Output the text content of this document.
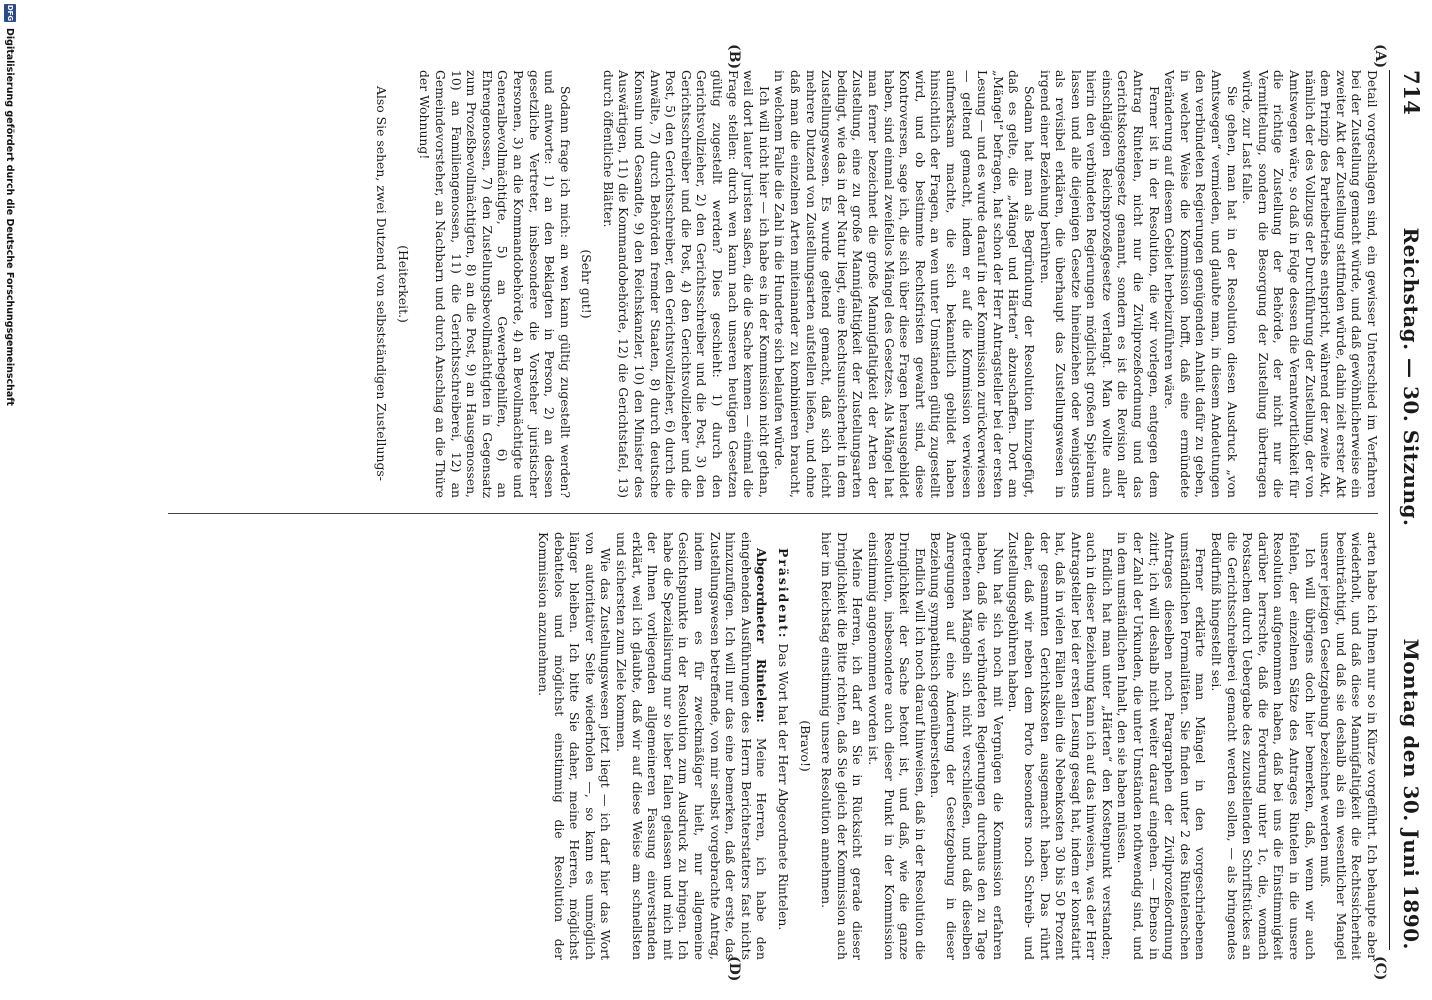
714
Reichstag. — 30. Sitzung.
Montag den 30. Juni 1890.
(A)
(B)
(C)
(D)

Detail vorgeschlagen sind, ein gewisser Unterschied im Verfahren bei der Zustellung gemacht würde, und daß gewöhnlicherweise ein zweiter Akt der Zustellung stattfinden würde, dahin zielt erster Akt dem Prinzip des Parteibetriebs entspricht, während der zweite Akt, nämlich der des Vollzugs der Durchführung der Zustellung, der von Amtswegen wäre, so daß in Folge dessen die Verantwortlichkeit für die richtige Zustellung der Behörde, der nicht nur die Vermittelung, sondern die Besorgung der Zustellung übertragen würde, zur Last falle.

Sie gehen, man hat in der Resolution diesen Ausdruck „von Amtswegen“ vermieden, und glaubte man, in diesem Andeutungen den verbündeten Regierungen genügenden Anhalt dafür zu geben, in welcher Weise die Kommission hofft, daß eine ermündete Veränderung auf diesem Gebiet herbeizuführen wäre.

Ferner ist in der Resolution, die wir vorlegen, entgegen dem Antrag Rintelen, nicht nur die Zivilprozeßordnung und das Gerichtskostengesetz genannt, sondern es ist die Revision aller einschlägigen Reichsprozeßgesetze verlangt. Man wollte auch hierin den verbündeten Regierungen möglichst großen Spielraum lassen und alle diejenigen Gesetze hineinziehen oder wenigstens als revisibel erklären, die überhaupt das Zustellungswesen in irgend einer Beziehung berühren.

Sodann hat man als Begründung der Resolution hinzugefügt, daß es gelte, die „Mängel und Härten“ abzuschaffen. Dort am „Mängel“ befragen, hat schon der Herr Antragsteller bei der ersten Lesung — und es wurde darauf in der Kommission zurückverwiesen — geltend gemacht, indem er auf die Kommission verwiesen aufmerksam machte, die sich bekanntlich gebildet haben hinsichtlich der Fragen, an wen unter Umständen gültig zugestellt wird, und ob bestimmte Rechtsfristen gewahrt sind, diese Kontroversen, sage ich, die sich über diese Fragen herausgebildet haben, sind einmal zweifellos Mängel des Gesetzes. Als Mängel hat man ferner bezeichnet die große Mannigfaltigkeit der Arten der Zustellung, eine zu große Mannigfaltigkeit der Zustellungsarten bedingt, wie das in der Natur liegt, eine Rechtsunsicherheit in dem Zustellungswesen. Es wurde geltend gemacht, daß sich leicht mehrere Dutzend von Zustellungsarten aufstellen ließen, und ohne daß man die einzelnen Arten miteinander zu kombinieren braucht, in welchem Falle die Zahl in die Hunderte sich belaufen würde.

Ich will nicht hier — ich habe es in der Kommission nicht gethan, weil dort lauter Juristen saßen, die die Sache kennen — einmal die Frage stellen: durch wen kann nach unseren heutigen Gesetzen gültig zugestellt werden? Dies geschieht: 1) durch den Gerichtsvollzieher, 2) den Gerichtsschreiber und die Post, 3) den Gerichtsschreiber und die Post, 4) den Gerichtsvollzieher und die Post, 5) den Gerichtsschreiber, den Gerichtsvollzieher, 6) durch die Anwälte, 7) durch Behörden fremder Staaten, 8) durch deutsche Konsuln und Gesandte, 9) den Reichskanzler, 10) den Minister des Auswärtigen, 11) die Kommandobehörde, 12) die Gerichtstafel, 13) durch öffentliche Blätter.

(Sehr gut!)

Sodann frage ich mich: an wen kann gültig zugestellt werden? und antworte: 1) an den Beklagten in Person, 2) an dessen gesetzliche Vertreter, insbesondere die Vorsteher juristischer Personen, 3) an die Kommandobehörde, 4) an Bevollmächtigte und Generalbevollmächtigte, 5) an Gewerbegehilfen, 6) an Ehrengenossen, 7) den Zustellungsbevollmächtigten in Gegensatz zum Prozeßbevollmächtigten, 8) an die Post, 9) an Hausgenossen, 10) an Familiengenossen, 11) die Gerichtsschreiberei, 12) an Gemeindevorsteher, an Nachbarn und durch Anschlag an die Thüre der Wohnung!

(Heiterkeit.)

Also Sie sehen, zwei Dutzend von selbstständigen Zustellungs-

arten habe ich Ihnen nur so in Kürze vorgeführt. Ich behaupte aber wiederholt, und daß diese Mannigfaltigkeit die Rechtssicherheit beeinträchtigt, und daß sie deshalb als ein wesentlicher Mangel unserer jetzigen Gesetzgebung bezeichnet werden muß.

Ich will übrigens doch hier bemerken, daß, wenn wir auch fehlen, der einzelnen Sätze des Antrages Rintelen in die unsere Resolution aufgenommen haben, daß bei uns die Einstimmigkeit darüber herrschte, daß die Forderung unter 1c, die, womach Postsachen durch Uebergabe des zuzustellenden Schriftstückes an die Gerichtsschreiberei gemacht werden sollen, — als bringendes Bedürfniß hingestellt sei.

Ferner erklärte man Mängel in den vorgeschriebenen umständlichen Formalitäten. Sie finden unter 2 des Rintelenschen Antrages dieselben noch Paragraphen der Zivilprozeßordnung zitirt; ich will deshalb nicht weiter darauf eingehen. — Ebenso in der Zahl der Urkunden, die unter Umständen nothwendig sind, und in dem umständlichen Inhalt, den sie haben müssen.

Endlich hat man unter „Härten“ den Kostenpunkt verstanden; auch in dieser Beziehung kann ich auf das hinweisen, was der Herr Antragsteller bei der ersten Lesung gesagt hat, indem er konstatirt hat, daß in vielen Fällen allein die Nebenkosten 30 bis 50 Prozent der gesammten Gerichtskosten ausgemacht haben. Das rührt daher, daß wir neben dem Porto besonders noch Schreib- und Zustellungsgebühren haben.

Nun hat sich noch mit Vergnügen die Kommission erfahren haben, daß die verbündeten Regierungen durchaus den zu Tage getretenen Mängeln sich nicht verschließen, und daß dieselben Anregungen auf eine Änderung der Gesetzgebung in dieser Beziehung sympathisch gegenüberstehen.

Endlich will ich noch darauf hinweisen, daß in der Resolution die Dringlichkeit der Sache betont ist, und daß, wie die ganze Resolution, insbesondere auch dieser Punkt in der Kommission einstimmig angenommen worden ist.

Meine Herren, ich darf an Sie in Rücksicht gerade dieser Dringlichkeit die Bitte richten, daß Sie gleich der Kommission auch hier im Reichstag einstimmig unsere Resolution annehmen.

(Bravo!)

Präsident: Das Wort hat der Herr Abgeordnete Rintelen.

Abgeordneter Rintelen: Meine Herren, ich habe den eingehenden Ausführungen des Herrn Berichterstatters fast nichts hinzuzufügen. Ich will nur das eine bemerken, daß der erste, das Zustellungswesen betreffende, von mir selbst vorgebrachte Antrag, indem man es für zweckmäßiger hielt, nur allgemeine Gesichtspunkte in der Resolution zum Ausdruck zu bringen. Ich habe die Spezialisirung nur so lieber fallen gelassen und mich mit der Ihnen vorliegenden allgemeineren Fassung einverstanden erklärt, weil ich glaubte, daß wir auf diese Weise am schnellsten und sichersten zum Ziele kommen.

Wie das Zustellungswesen jetzt liegt — ich darf hier das Wort von autoritativer Seite wiederholen —, so kann es unmöglich länger bleiben. Ich bitte Sie daher, meine Herren, möglichst debattelos und möglichst einstimmig die Resolution der Kommission anzunehmen.

DFG
Digitalisierung gefördert durch die Deutsche Forschungsgemeinschaft
